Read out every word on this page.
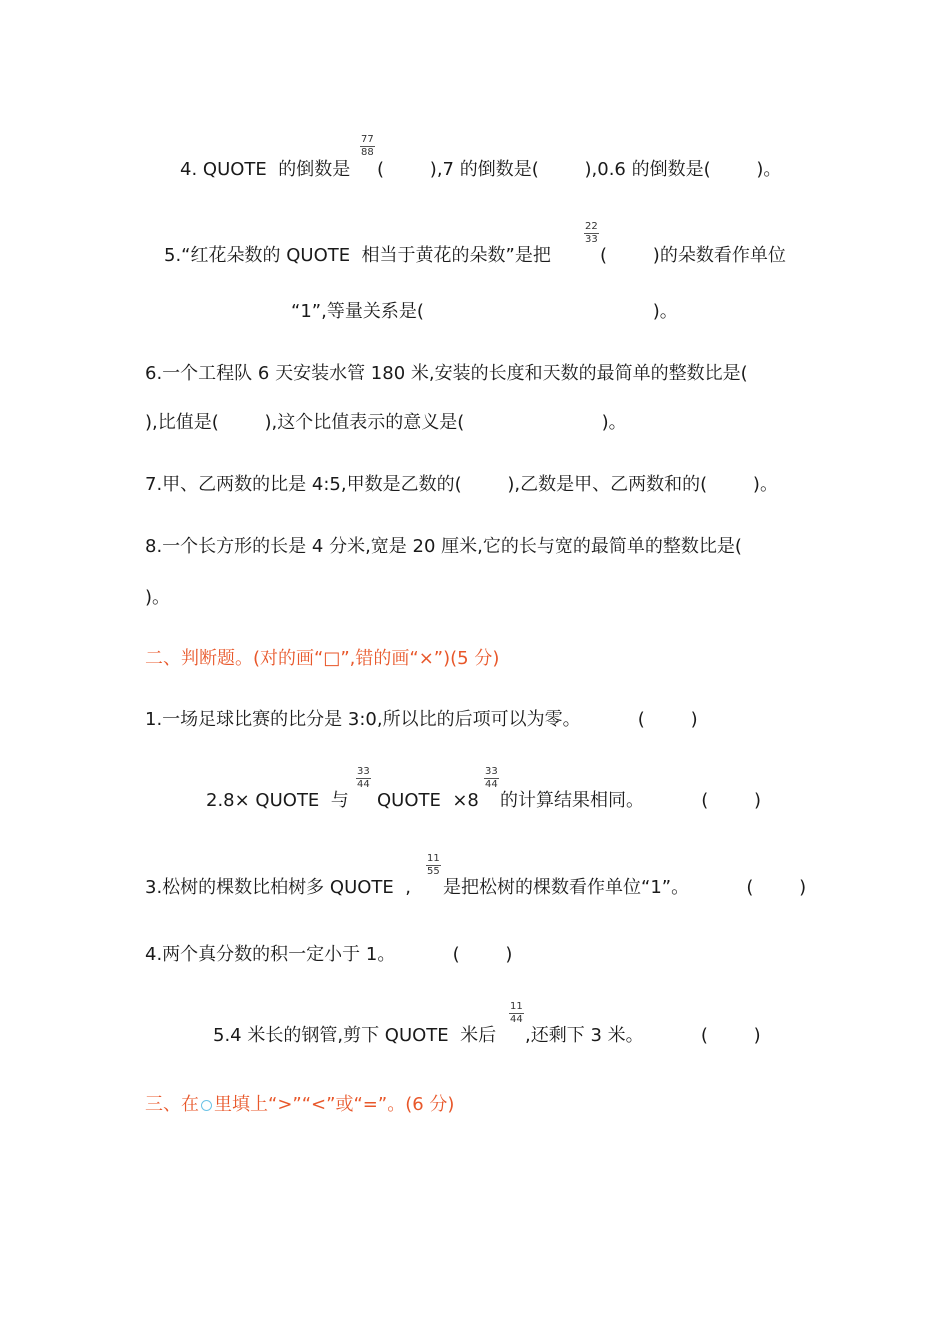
4. QUOTE  的倒数是
$\frac{77}{88}$
(        ),7 的倒数是(        ),0.6 的倒数是(        )。
5.“红花朵数的 QUOTE  相当于黄花的朵数”是把
$\frac{22}{33}$
(        )的朵数看作单位
“1”,等量关系是(                                        )。
6.一个工程队 6 天安装水管 180 米,安装的长度和天数的最简单的整数比是(
),比值是(        ),这个比值表示的意义是(                        )。
7.甲、乙两数的比是 4:5,甲数是乙数的(        ),乙数是甲、乙两数和的(        )。
8.一个长方形的长是 4 分米,宽是 20 厘米,它的长与宽的最简单的整数比是(
)。
二、判断题。(对的画“□”,错的画“×”)(5 分)
1.一场足球比赛的比分是 3:0,所以比的后项可以为零。          (        )
2.8× QUOTE  与
$\frac{33}{44}$
QUOTE  ×8
$\frac{33}{44}$
的计算结果相同。          (        )
3.松树的棵数比柏树多 QUOTE  ,
$\frac{11}{55}$
是把松树的棵数看作单位“1”。          (        )
4.两个真分数的积一定小于 1。          (        )
5.4 米长的钢管,剪下 QUOTE  米后
$\frac{11}{44}$
,还剩下 3 米。          (        )
三、在 里填上“>”“<”或“=”。(6 分)
